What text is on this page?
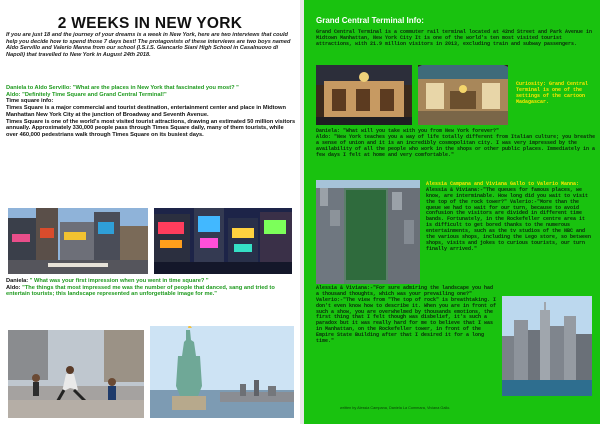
2 WEEKS IN NEW YORK

If you are just 18 and the journey of your dreams is a week in New York, here are two interviews that could help you decide how to spend those 7 days best! The protagonists of these interviews are two boys named Aldo Servillo and Valerio Manna from our school (I.S.I.S. Giancarlo Siani High School in Casalnuovo di Napoli) that travelled to New York in August 24th 2018.

Daniela to Aldo Servillo: "What are the places in New York that fascinated you most? "
Aldo: "Definitely Time Square and Grand Central Terminal!"
Time square info:
Times Square is a major commercial and tourist destination, entertainment center and place in Midtown Manhattan New York City at the junction of Broadway and Seventh Avenue.
Times Square is one of the world's most visited tourist attractions, drawing an estimated 50 million visitors annually. Approximately 330,000 people pass through Times Square daily, many of them tourists, while over 460,000 pedestrians walk through Times Square on its busiest days.
Daniela: " What was your first impression when you went in time square? "
Aldo: "The things that most impressed me was the number of people that danced, sang and tried to entertain tourists; this landscape represented an unforgettable image for me."
Grand Central Terminal Info:

Grand Central Terminal is a commuter rail terminal located at 42nd Street and Park Avenue in Midtown Manhattan, New York City It is one of the world's ten most visited tourist attractions, with 21.9 million visitors in 2013, excluding train and subway passengers.

Curiosity: Grand Central Terminal is one of the settings of the cartoon Madagascar.

Daniela: "What will you take with you from New York forever?"
Aldo: "New York teaches you a way of life totally different from Italian culture; you breathe a sense of union and it is an incredibly cosmopolitan city. I was very impressed by the availability of all the people who work in the shops or other public places. Immediately in a few days I felt at home and very comfortable."

Alessia Campana and Viviana Gallo to Valerio Manna:
Alessia & Viviana:-"The queues for famous places, we know, are interminable. How long did you wait to visit the top of the rock tower?" Valerio:-"More than the queue we had to wait for our turn, because to avoid confusion the visitors are divided in different time bands. Fortunately, in the Rockefeller centre area it is difficult to get bored thanks to the numerous entertainments, such as the tv studios of the NBC and the various shops, including the Lego store, so between shops, visits and jokes to curious tourists, our turn finally arrived."

Alessia & Viviana:-"For sure admiring the landscape you had a thousand thoughts, which was your prevailing one?" Valerio:-"The view from "The top of rock" is breathtaking. I don't even know how to describe it. When you are in front of such a show, you are overwhelmed by thousands emotions, the first thing that I felt though was disbelief, it's such a paradox but it was really hard for me to believe that I was in Manhattan, on the Rockefeller tower, in front of the Empire State Building after that I desired it for a long time."

written by Alessia Campana, Daniela La Commara, Viviana Gallo.
